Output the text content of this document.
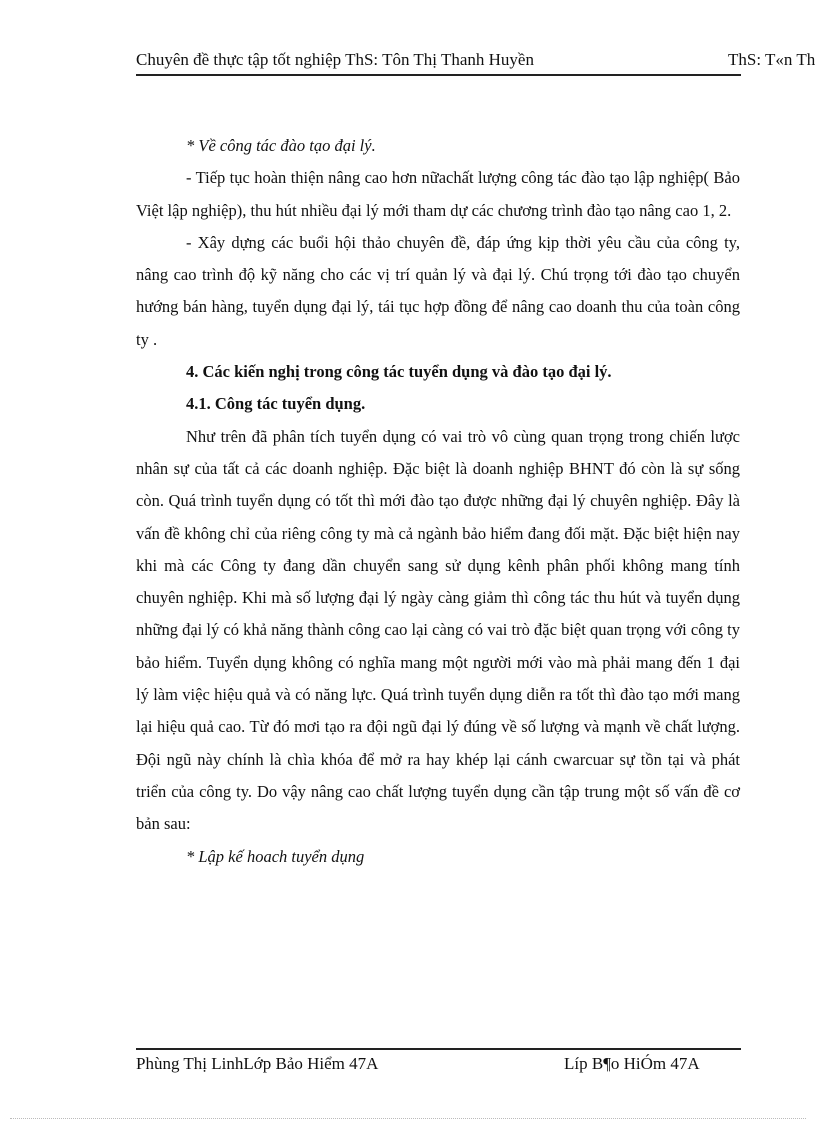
Chuyên đề thực tập tốt nghiệp ThS: Tôn Thị Thanh Huyền	ThS: T«n Th

* Về công tác đào tạo đại lý.

- Tiếp tục hoàn thiện nâng cao hơn nữachất lượng công tác đào tạo lập nghiệp( Bảo Việt lập nghiệp), thu hút nhiều đại lý mới tham dự các chương trình đào tạo nâng cao 1, 2.

- Xây dựng các buổi hội thảo chuyên đề, đáp ứng kịp thời yêu cầu của công ty, nâng cao trình độ kỹ năng cho các vị trí quản lý và đại lý. Chú trọng tới đào tạo chuyển hướng bán hàng, tuyển dụng đại lý, tái tục hợp đồng để nâng cao doanh thu của toàn công ty .

4. Các kiến nghị trong công tác tuyển dụng và đào tạo đại lý.

4.1. Công tác tuyển dụng.

Như trên đã phân tích tuyển dụng có vai trò vô cùng quan trọng trong chiến lược nhân sự của tất cả các doanh nghiệp. Đặc biệt là doanh nghiệp BHNT đó còn là sự sống còn. Quá trình tuyển dụng có tốt thì mới đào tạo được những đại lý chuyên nghiệp. Đây là vấn đề không chỉ của riêng công ty mà cả ngành bảo hiểm đang đối mặt. Đặc biệt hiện nay khi mà các Công ty đang dần chuyển sang sử dụng kênh phân phối không mang tính chuyên nghiệp. Khi mà số lượng đại lý ngày càng giảm thì công tác thu hút và tuyển dụng những đại lý có khả năng thành công cao lại càng có vai trò đặc biệt quan trọng với công ty bảo hiểm. Tuyển dụng không có nghĩa mang một người mới vào mà phải mang đến 1 đại lý làm việc hiệu quả và có năng lực. Quá trình tuyển dụng diễn ra tốt thì đào tạo mới mang lại hiệu quả cao. Từ đó mơi tạo ra đội ngũ đại lý đúng về số lượng và mạnh về chất lượng. Đội ngũ này chính là chìa khóa để mở ra hay khép lại cánh cwarcuar sự tồn tại và phát triển của công ty. Do vậy nâng cao chất lượng tuyển dụng cần tập trung một số vấn đề cơ bản sau:

* Lập kế hoach tuyển dụng

Phùng Thị LinhLớp Bảo Hiểm 47A	Líp B¶o HiÓm 47A
